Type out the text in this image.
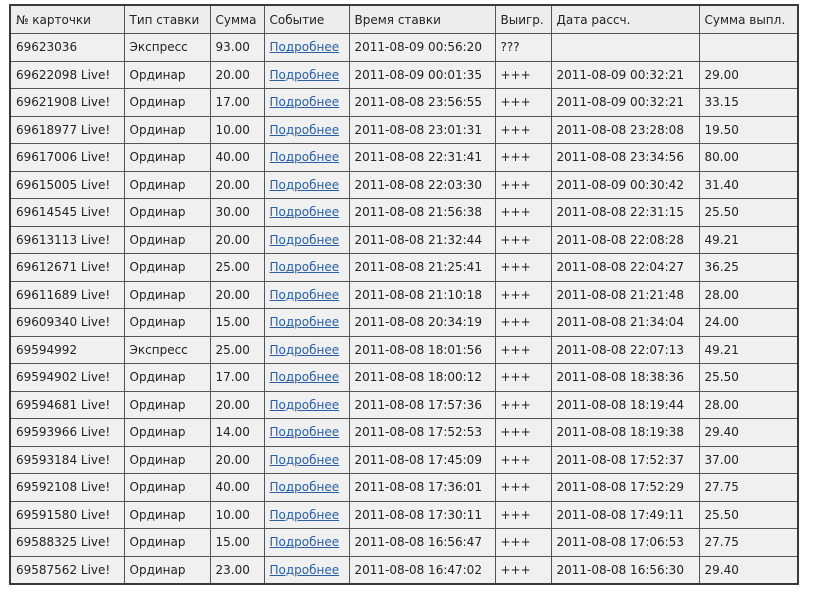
№ карточки	Тип ставки	Сумма	Событие	Время ставки	Выигр.	Дата рассч.	Сумма выпл.
69623036	Экспресс	93.00	Подробнее	2011-08-09 00:56:20	???		
69622098 Live!	Ординар	20.00	Подробнее	2011-08-09 00:01:35	+++	2011-08-09 00:32:21	29.00
69621908 Live!	Ординар	17.00	Подробнее	2011-08-08 23:56:55	+++	2011-08-09 00:32:21	33.15
69618977 Live!	Ординар	10.00	Подробнее	2011-08-08 23:01:31	+++	2011-08-08 23:28:08	19.50
69617006 Live!	Ординар	40.00	Подробнее	2011-08-08 22:31:41	+++	2011-08-08 23:34:56	80.00
69615005 Live!	Ординар	20.00	Подробнее	2011-08-08 22:03:30	+++	2011-08-09 00:30:42	31.40
69614545 Live!	Ординар	30.00	Подробнее	2011-08-08 21:56:38	+++	2011-08-08 22:31:15	25.50
69613113 Live!	Ординар	20.00	Подробнее	2011-08-08 21:32:44	+++	2011-08-08 22:08:28	49.21
69612671 Live!	Ординар	25.00	Подробнее	2011-08-08 21:25:41	+++	2011-08-08 22:04:27	36.25
69611689 Live!	Ординар	20.00	Подробнее	2011-08-08 21:10:18	+++	2011-08-08 21:21:48	28.00
69609340 Live!	Ординар	15.00	Подробнее	2011-08-08 20:34:19	+++	2011-08-08 21:34:04	24.00
69594992	Экспресс	25.00	Подробнее	2011-08-08 18:01:56	+++	2011-08-08 22:07:13	49.21
69594902 Live!	Ординар	17.00	Подробнее	2011-08-08 18:00:12	+++	2011-08-08 18:38:36	25.50
69594681 Live!	Ординар	20.00	Подробнее	2011-08-08 17:57:36	+++	2011-08-08 18:19:44	28.00
69593966 Live!	Ординар	14.00	Подробнее	2011-08-08 17:52:53	+++	2011-08-08 18:19:38	29.40
69593184 Live!	Ординар	20.00	Подробнее	2011-08-08 17:45:09	+++	2011-08-08 17:52:37	37.00
69592108 Live!	Ординар	40.00	Подробнее	2011-08-08 17:36:01	+++	2011-08-08 17:52:29	27.75
69591580 Live!	Ординар	10.00	Подробнее	2011-08-08 17:30:11	+++	2011-08-08 17:49:11	25.50
69588325 Live!	Ординар	15.00	Подробнее	2011-08-08 16:56:47	+++	2011-08-08 17:06:53	27.75
69587562 Live!	Ординар	23.00	Подробнее	2011-08-08 16:47:02	+++	2011-08-08 16:56:30	29.40
